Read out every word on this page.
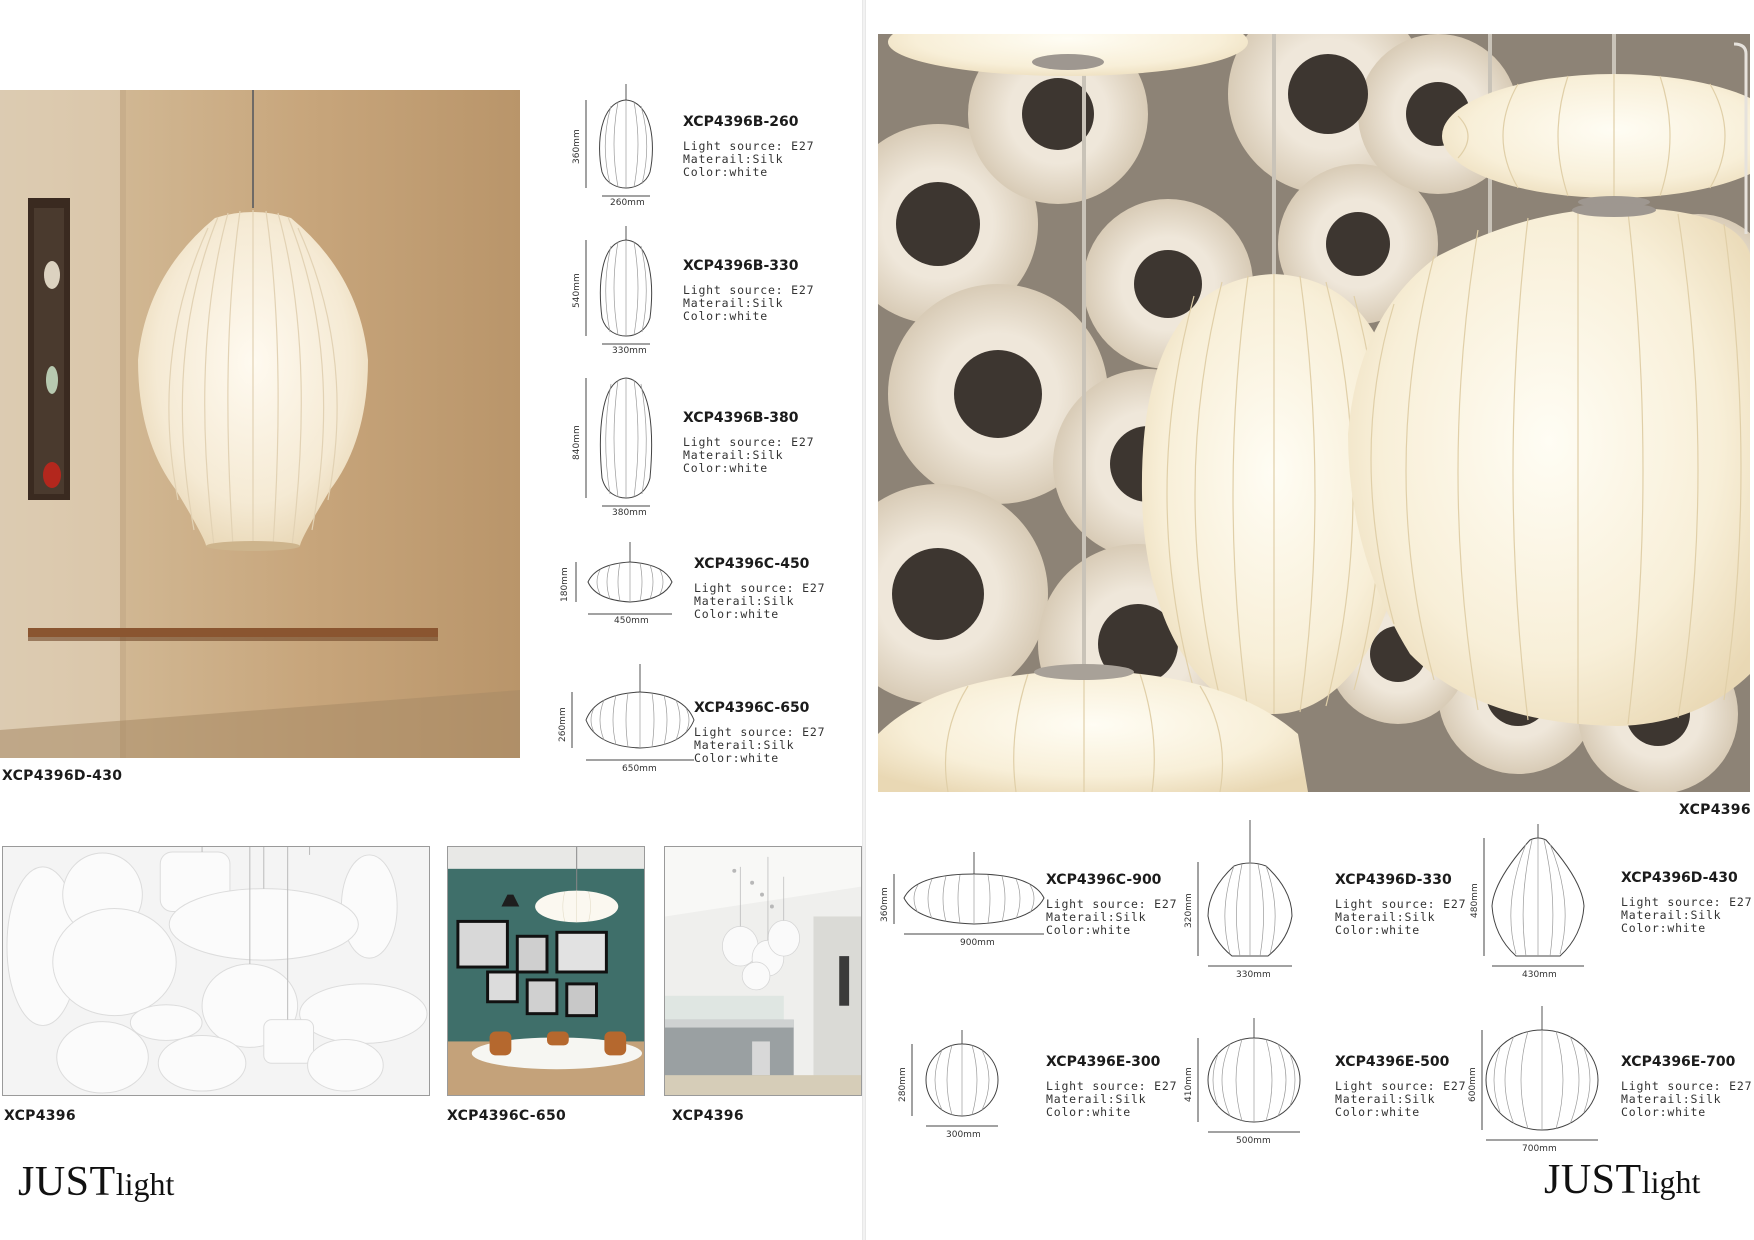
XCP4396D-430
360mm
260mm
XCP4396B-260
Light source: E27
Materail:Silk
Color:white
540mm
330mm
XCP4396B-330
Light source: E27
Materail:Silk
Color:white
840mm
380mm
XCP4396B-380
Light source: E27
Materail:Silk
Color:white
180mm
450mm
XCP4396C-450
Light source: E27
Materail:Silk
Color:white
260mm
650mm
XCP4396C-650
Light source: E27
Materail:Silk
Color:white
XCP4396	XCP4396C-650	XCP4396
JUSTlight
XCP4396
360mm
900mm
XCP4396C-900
Light source: E27
Materail:Silk
Color:white
320mm
330mm
XCP4396D-330
Light source: E27
Materail:Silk
Color:white
480mm
430mm
XCP4396D-430
Light source: E27
Materail:Silk
Color:white
280mm
300mm
XCP4396E-300
Light source: E27
Materail:Silk
Color:white
410mm
500mm
XCP4396E-500
Light source: E27
Materail:Silk
Color:white
600mm
700mm
XCP4396E-700
Light source: E27
Materail:Silk
Color:white
JUSTlight
